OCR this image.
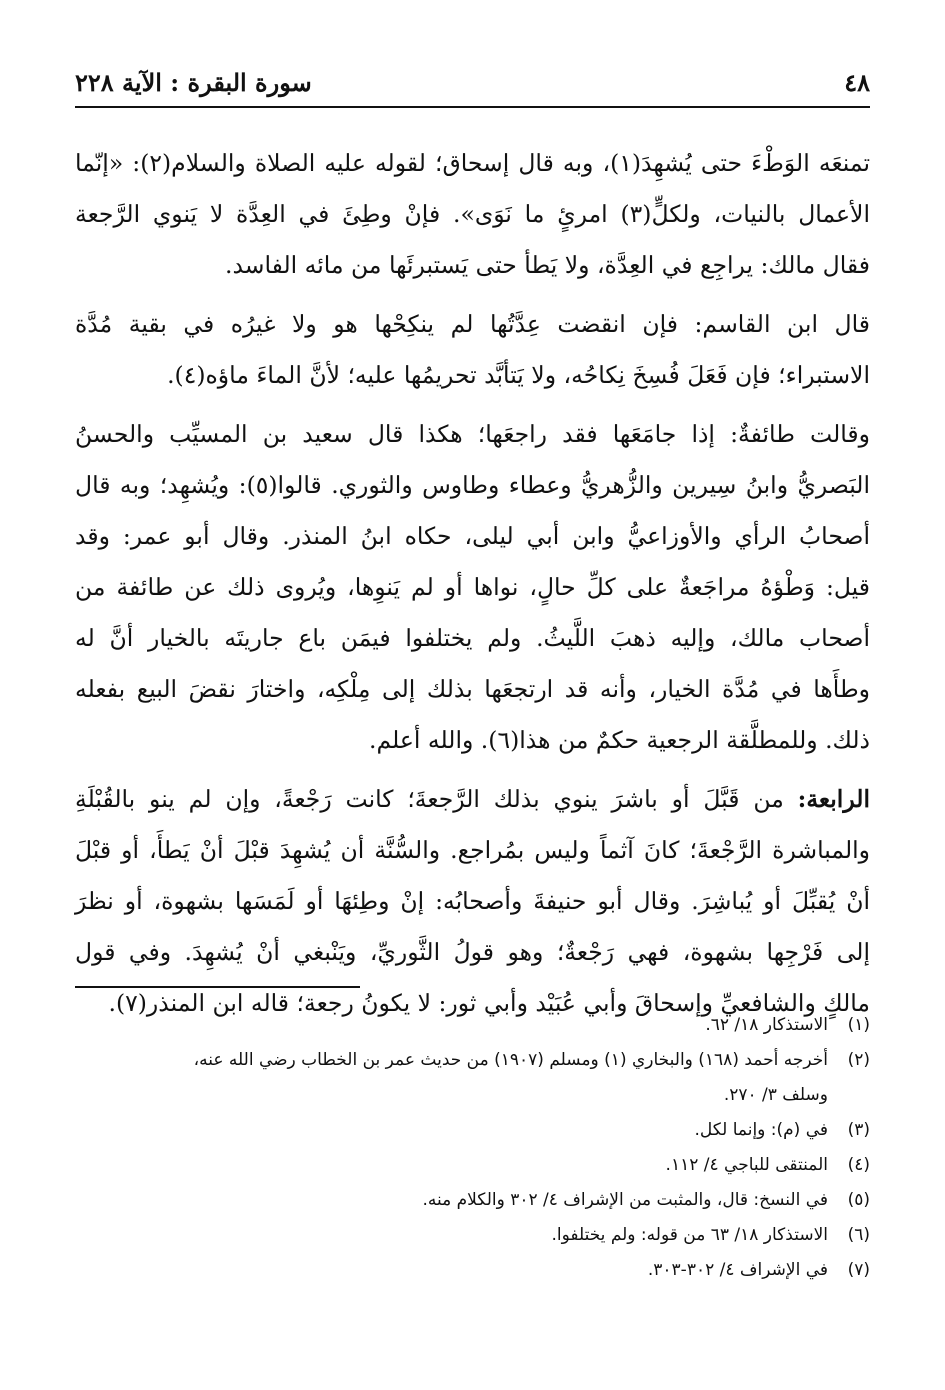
٤٨
سورة البقرة : الآية ٢٢٨

تمنعَه الوَطْءَ حتى يُشهِدَ(١)، وبه قال إسحاق؛ لقوله عليه الصلاة والسلام(٢): «إنّما
الأعمال بالنيات، ولكلٍّ(٣) امرئٍ ما نَوَى». فإنْ وطِئَ في العِدَّة لا يَنوي الرَّجعة
فقال مالك: يراجِع في العِدَّة، ولا يَطأ حتى يَستبرئَها من مائه الفاسد.

قال ابن القاسم: فإن انقضت عِدَّتُها لم ينكِحْها هو ولا غيرُه في بقية مُدَّة
الاستبراء؛ فإن فَعَلَ فُسِخَ نِكاحُه، ولا يَتأبَّد تحريمُها عليه؛ لأنَّ الماءَ ماؤه(٤).

وقالت طائفةٌ: إذا جامَعَها فقد راجعَها؛ هكذا قال سعيد بن المسيِّب والحسنُ
البَصريُّ وابنُ سِيرين والزُّهريُّ وعطاء وطاوس والثوري. قالوا(٥): ويُشهِد؛ وبه قال
أصحابُ الرأي والأوزاعيُّ وابن أبي ليلى، حكاه ابنُ المنذر. وقال أبو عمر: وقد
قيل: وَطْؤهُ مراجَعةٌ على كلِّ حالٍ، نواها أو لم يَنوِها، ويُروى ذلك عن طائفة من
أصحاب مالك، وإليه ذهبَ اللَّيثُ. ولم يختلفوا فيمَن باع جاريتَه بالخيار أنَّ له
وطأَها في مُدَّة الخيار، وأنه قد ارتجعَها بذلك إلى مِلْكِه، واختارَ نقضَ البيع بفعله
ذلك. وللمطلَّقة الرجعية حكمٌ من هذا(٦). والله أعلم.

الرابعة: من قَبَّلَ أو باشرَ ينوي بذلك الرَّجعةَ؛ كانت رَجْعةً، وإن لم ينو بالقُبْلَةِ
والمباشرة الرَّجْعةَ؛ كانَ آثماً وليس بمُراجع. والسُّنَّة أن يُشهِدَ قبْلَ أنْ يَطأَ، أو قبْلَ
أنْ يُقبِّلَ أو يُباشِرَ. وقال أبو حنيفةَ وأصحابُه: إنْ وطِئهَا أو لَمَسَها بشهوة، أو نظرَ
إلى فَرْجِها بشهوة، فهي رَجْعةٌ؛ وهو قولُ الثَّوريِّ، ويَنْبغي أنْ يُشهِدَ. وفي قول
مالكٍ والشافعيِّ وإسحاقَ وأبي عُبَيْد وأبي ثور: لا يكونُ رجعة؛ قاله ابن المنذر(٧).

(١)
الاستذكار ١٨/ ٦٢.
(٢)
أخرجه أحمد (١٦٨) والبخاري (١) ومسلم (١٩٠٧) من حديث عمر بن الخطاب رضي الله عنه،
وسلف ٣/ ٢٧٠.
(٣)
في (م): وإنما لكل.
(٤)
المنتقى للباجي ٤/ ١١٢.
(٥)
في النسخ: قال، والمثبت من الإشراف ٤/ ٣٠٢ والكلام منه.
(٦)
الاستذكار ١٨/ ٦٣ من قوله: ولم يختلفوا.
(٧)
في الإشراف ٤/ ٣٠٢-٣٠٣.
